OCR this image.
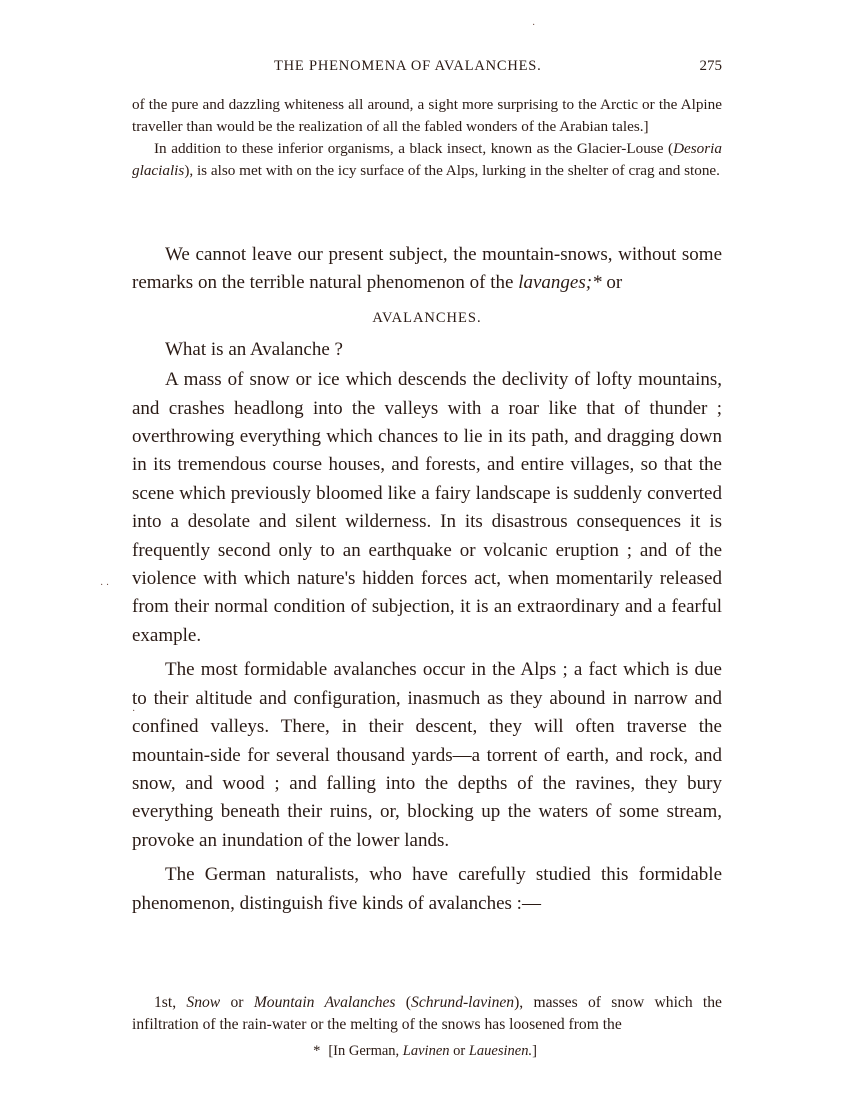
·
· ·
·
THE PHENOMENA OF AVALANCHES.	275

of the pure and dazzling whiteness all around, a sight more surprising to the Arctic or the Alpine traveller than would be the realization of all the fabled wonders of the Arabian tales.]

In addition to these inferior organisms, a black insect, known as the Glacier-Louse (Desoria glacialis), is also met with on the icy surface of the Alps, lurking in the shelter of crag and stone.

We cannot leave our present subject, the mountain-snows, without some remarks on the terrible natural phenomenon of the lavanges;* or

AVALANCHES.

What is an Avalanche ?

A mass of snow or ice which descends the declivity of lofty mountains, and crashes headlong into the valleys with a roar like that of thunder ; overthrowing everything which chances to lie in its path, and dragging down in its tremendous course houses, and forests, and entire villages, so that the scene which previously bloomed like a fairy landscape is suddenly converted into a desolate and silent wilderness. In its disastrous consequences it is frequently second only to an earthquake or volcanic eruption ; and of the violence with which nature's hidden forces act, when momentarily released from their normal condition of subjection, it is an extraordinary and a fearful example.

The most formidable avalanches occur in the Alps ; a fact which is due to their altitude and configuration, inasmuch as they abound in narrow and confined valleys. There, in their descent, they will often traverse the mountain-side for several thousand yards—a torrent of earth, and rock, and snow, and wood ; and falling into the depths of the ravines, they bury everything beneath their ruins, or, blocking up the waters of some stream, provoke an inundation of the lower lands.

The German naturalists, who have carefully studied this formidable phenomenon, distinguish five kinds of avalanches :—

1st, Snow or Mountain Avalanches (Schrund-lavinen), masses of snow which the infiltration of the rain-water or the melting of the snows has loosened from the

* [In German, Lavinen or Lauesinen.]
